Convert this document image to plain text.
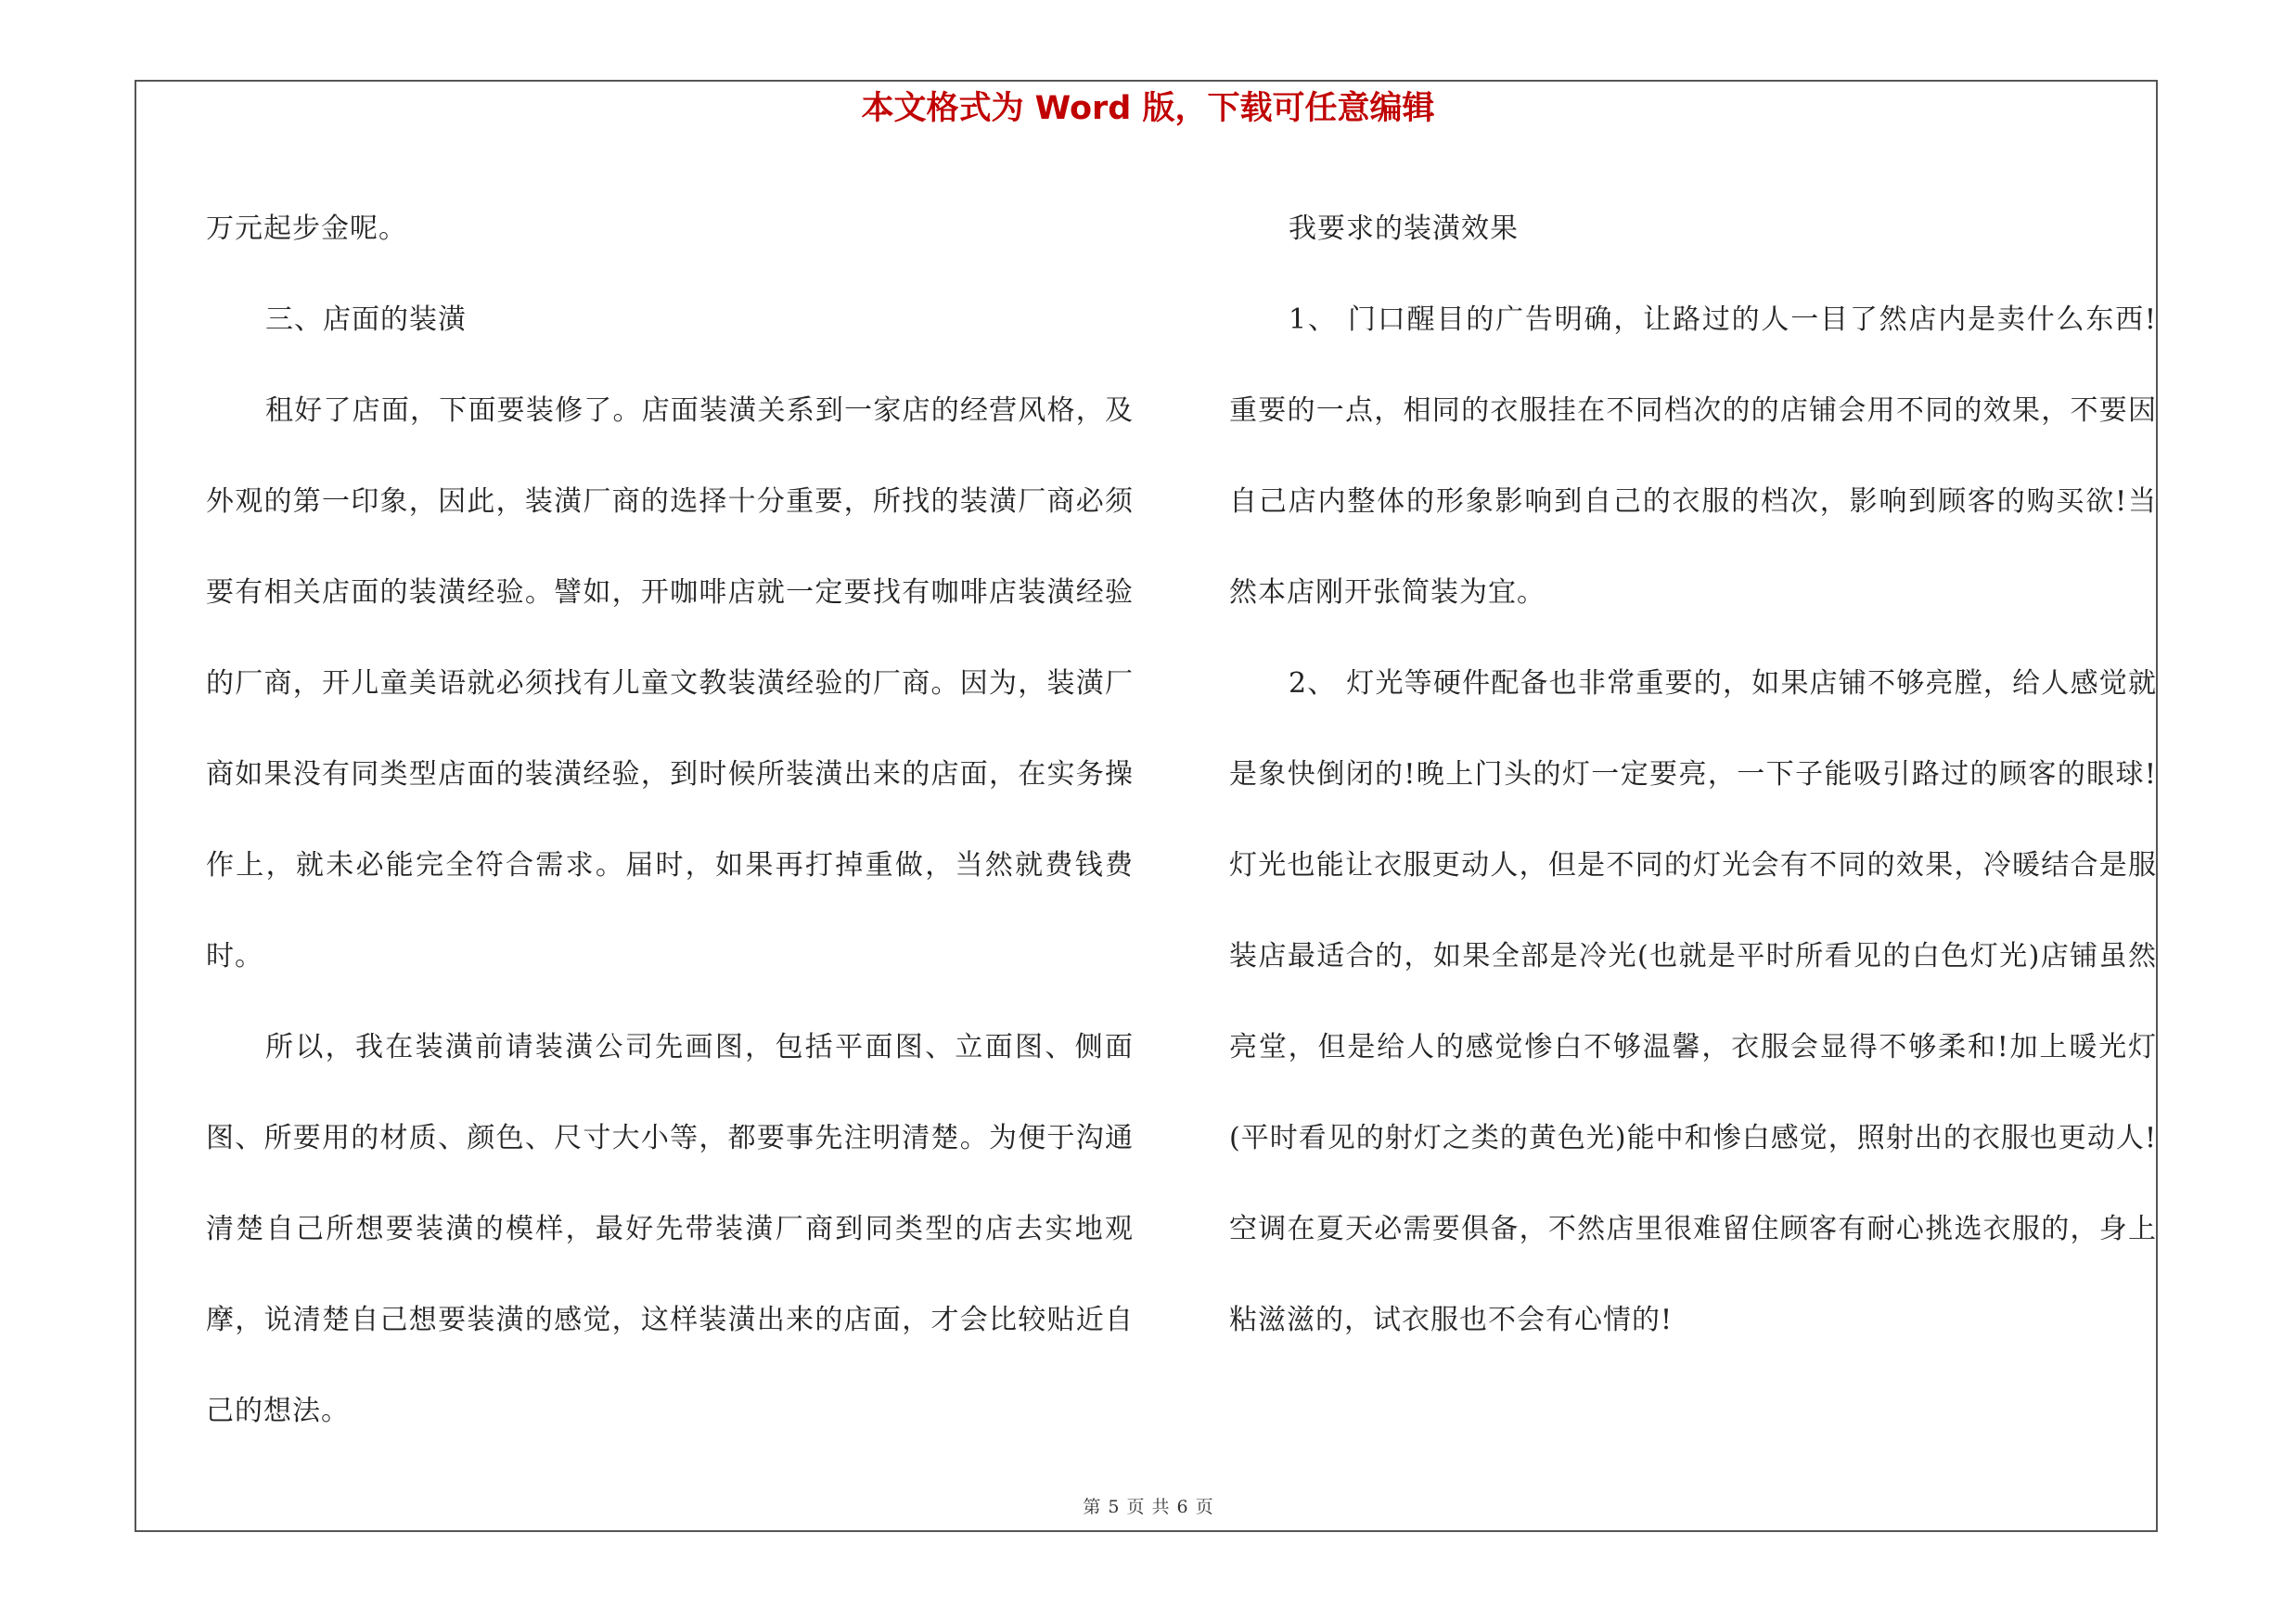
本文格式为 Word 版，下载可任意编辑

万元起步金呢。

三、店面的装潢

租好了店面，下面要装修了。店面装潢关系到一家店的经营风格，及外观的第一印象，因此，装潢厂商的选择十分重要，所找的装潢厂商必须要有相关店面的装潢经验。譬如，开咖啡店就一定要找有咖啡店装潢经验的厂商，开儿童美语就必须找有儿童文教装潢经验的厂商。因为，装潢厂商如果没有同类型店面的装潢经验，到时候所装潢出来的店面，在实务操作上，就未必能完全符合需求。届时，如果再打掉重做，当然就费钱费时。

所以，我在装潢前请装潢公司先画图，包括平面图、立面图、侧面图、所要用的材质、颜色、尺寸大小等，都要事先注明清楚。为便于沟通清楚自己所想要装潢的模样，最好先带装潢厂商到同类型的店去实地观摩，说清楚自己想要装潢的感觉，这样装潢出来的店面，才会比较贴近自己的想法。

我要求的装潢效果

1、 门口醒目的广告明确，让路过的人一目了然店内是卖什么东西!重要的一点，相同的衣服挂在不同档次的的店铺会用不同的效果，不要因自己店内整体的形象影响到自己的衣服的档次，影响到顾客的购买欲!当然本店刚开张简装为宜。

2、 灯光等硬件配备也非常重要的，如果店铺不够亮膛，给人感觉就是象快倒闭的!晚上门头的灯一定要亮，一下子能吸引路过的顾客的眼球!灯光也能让衣服更动人，但是不同的灯光会有不同的效果，冷暖结合是服装店最适合的，如果全部是冷光(也就是平时所看见的白色灯光)店铺虽然亮堂，但是给人的感觉惨白不够温馨，衣服会显得不够柔和!加上暖光灯(平时看见的射灯之类的黄色光)能中和惨白感觉，照射出的衣服也更动人!空调在夏天必需要俱备，不然店里很难留住顾客有耐心挑选衣服的，身上粘滋滋的，试衣服也不会有心情的!

第 5 页 共 6 页
